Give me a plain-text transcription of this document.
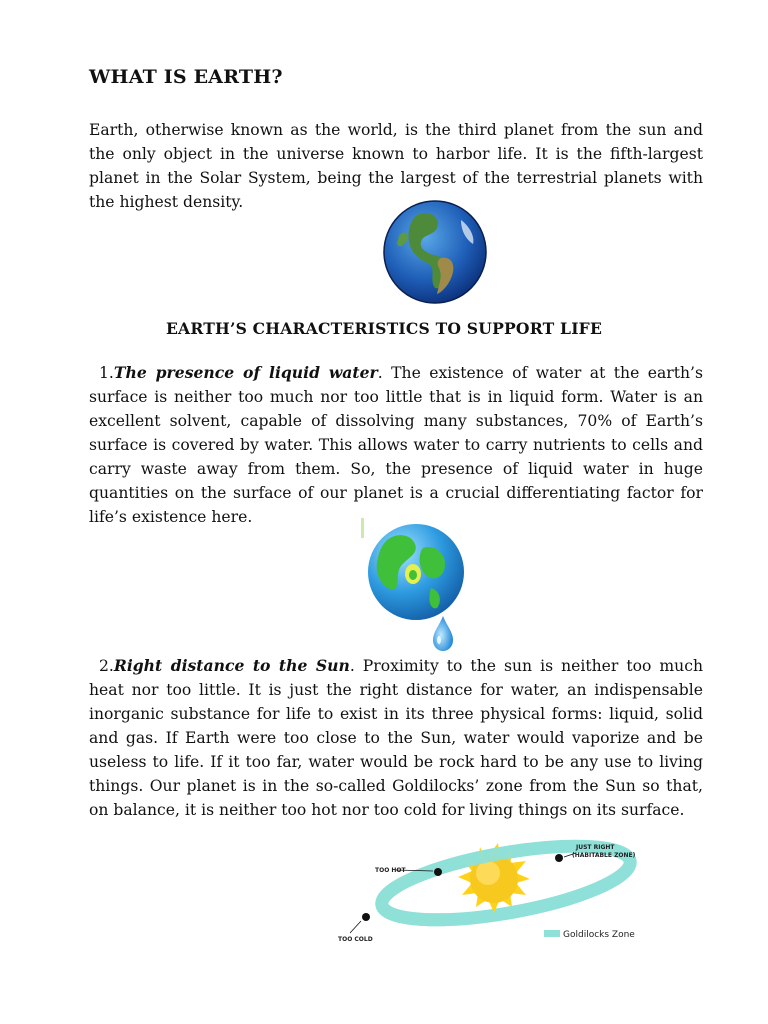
WHAT IS EARTH?
Earth, otherwise known as the world, is the third planet from the sun and the only object in the universe known to harbor life. It is the fifth-largest planet in the Solar System, being the largest of the terrestrial planets with the highest density.
EARTH’S CHARACTERISTICS TO SUPPORT LIFE
1.The presence of liquid water. The existence of water at the earth’s surface is neither too much nor too little that is in liquid form. Water is an excellent solvent, capable of dissolving many substances, 70% of Earth’s surface is covered by water. This allows water to carry nutrients to cells and carry waste away from them. So, the presence of liquid water in huge quantities on the surface of our planet is a crucial differentiating factor for life’s existence here.
2.Right distance to the Sun. Proximity to the sun is neither too much heat nor too little. It is just the right distance for water, an indispensable inorganic substance for life to exist in its three physical forms: liquid, solid and gas. If Earth were too close to the Sun, water would vaporize and be useless to life. If it too far, water would be rock hard to be any use to living things. Our planet is in the so-called Goldilocks’ zone from the Sun so that, on balance, it is neither too hot nor too cold for living things on its surface.
TOO HOT
TOO COLD
JUST RIGHT
(HABITABLE ZONE)
Goldilocks Zone
